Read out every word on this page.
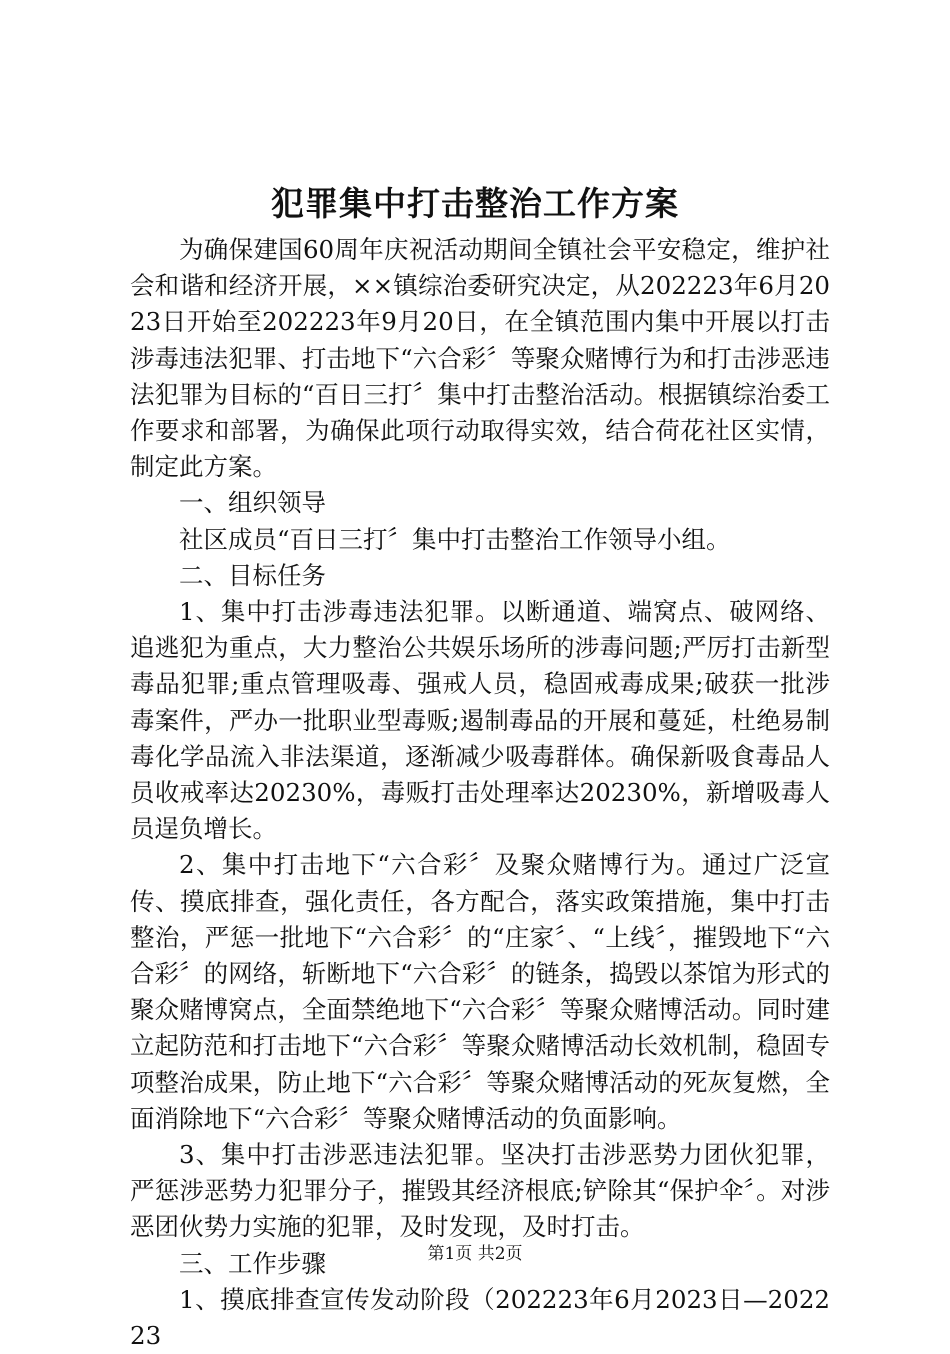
犯罪集中打击整治工作方案

为确保建国60周年庆祝活动期间全镇社会平安稳定，维护社会和谐和经济开展，××镇综治委研究决定，从202223年6月2023日开始至202223年9月20日，在全镇范围内集中开展以打击涉毒违法犯罪、打击地下“六合彩〞等聚众赌博行为和打击涉恶违法犯罪为目标的“百日三打〞集中打击整治活动。根据镇综治委工作要求和部署，为确保此项行动取得实效，结合荷花社区实情，制定此方案。

一、组织领导

社区成员“百日三打〞集中打击整治工作领导小组。

二、目标任务

1、集中打击涉毒违法犯罪。以断通道、端窝点、破网络、追逃犯为重点，大力整治公共娱乐场所的涉毒问题;严厉打击新型毒品犯罪;重点管理吸毒、强戒人员，稳固戒毒成果;破获一批涉毒案件，严办一批职业型毒贩;遏制毒品的开展和蔓延，杜绝易制毒化学品流入非法渠道，逐渐减少吸毒群体。确保新吸食毒品人员收戒率达20230%，毒贩打击处理率达20230%，新增吸毒人员逞负增长。

2、集中打击地下“六合彩〞及聚众赌博行为。通过广泛宣传、摸底排查，强化责任，各方配合，落实政策措施，集中打击整治，严惩一批地下“六合彩〞的“庄家〞、“上线〞，摧毁地下“六合彩〞的网络，斩断地下“六合彩〞的链条，捣毁以茶馆为形式的聚众赌博窝点，全面禁绝地下“六合彩〞等聚众赌博活动。同时建立起防范和打击地下“六合彩〞等聚众赌博活动长效机制，稳固专项整治成果，防止地下“六合彩〞等聚众赌博活动的死灰复燃，全面消除地下“六合彩〞等聚众赌博活动的负面影响。

3、集中打击涉恶违法犯罪。坚决打击涉恶势力团伙犯罪，严惩涉恶势力犯罪分子，摧毁其经济根底;铲除其“保护伞〞。对涉恶团伙势力实施的犯罪，及时发现，及时打击。

三、工作步骤

1、摸底排查宣传发动阶段（202223年6月2023日—202223

第1页 共2页
